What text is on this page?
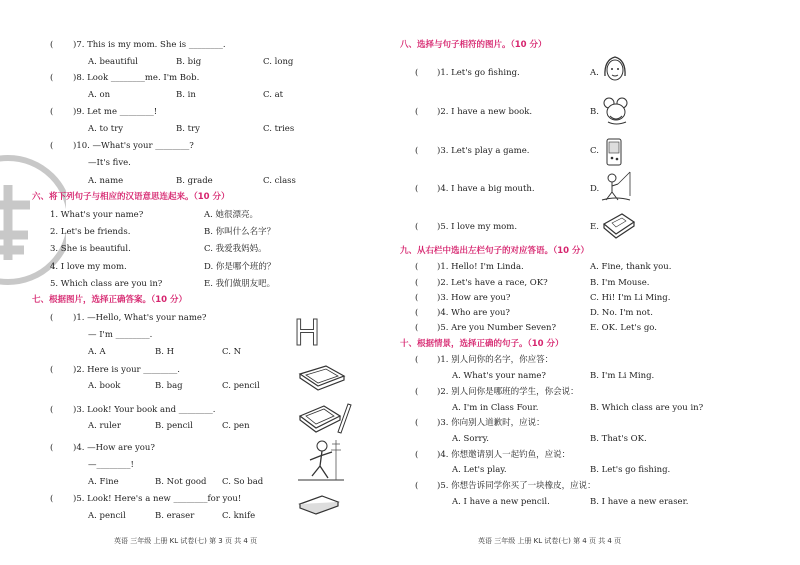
( )7. This is my mom. She is ________.
A. beautiful	B. big	C. long
( )8. Look ________me. I'm Bob.
A. on	B. in	C. at
( )9. Let me ________!
A. to try	B. try	C. tries
( )10. —What's your ________?
—It's five.
A. name	B. grade	C. class
六、将下列句子与相应的汉语意思连起来。（10 分）
1. What's your name?
2. Let's be friends.
3. She is beautiful.
4. I love my mom.
5. Which class are you in?
A. 她很漂亮。
B. 你叫什么名字？
C. 我爱我妈妈。
D. 你是哪个班的？
E. 我们做朋友吧。
七、根据图片，选择正确答案。（10 分）
( )1. —Hello, What's your name?
— I'm ________.
A. A	B. H	C. N
( )2. Here is your ________.
A. book	B. bag	C. pencil
( )3. Look! Your book and ________.
A. ruler	B. pencil	C. pen
( )4. —How are you?
—________!
A. Fine	B. Not good C. So bad
( )5. Look! Here's a new ________for you!
A. pencil	B. eraser	C. knife
H
英语 三年级 上册 KL 试卷(七) 第 3 页 共 4 页
八、选择与句子相符的图片。（10 分）
( )1. Let's go fishing.	A.
( )2. I have a new book.	B.
( )3. Let's play a game.	C.
( )4. I have a big mouth.	D.
( )5. I love my mom.	E.
九、从右栏中选出左栏句子的对应答语。（10 分）
( )1. Hello! I'm Linda.	A. Fine, thank you.
( )2. Let's have a race, OK?	B. I'm Mouse.
( )3. How are you?	C. Hi! I'm Li Ming.
( )4. Who are you?	D. No. I'm not.
( )5. Are you Number Seven?	E. OK. Let's go.
十、根据情景，选择正确的句子。（10 分）
( )1. 别人问你的名字，你应答：
A. What's your name?	B. I'm Li Ming.
( )2. 别人问你是哪班的学生，你会说：
A. I'm in Class Four.	B. Which class are you in?
( )3. 你向别人道歉时，应说：
A. Sorry.	B. That's OK.
( )4. 你想邀请别人一起钓鱼，应说：
A. Let's play.	B. Let's go fishing.
( )5. 你想告诉同学你买了一块橡皮，应说：
A. I have a new pencil.	B. I have a new eraser.
英语 三年级 上册 KL 试卷(七) 第 4 页 共 4 页
